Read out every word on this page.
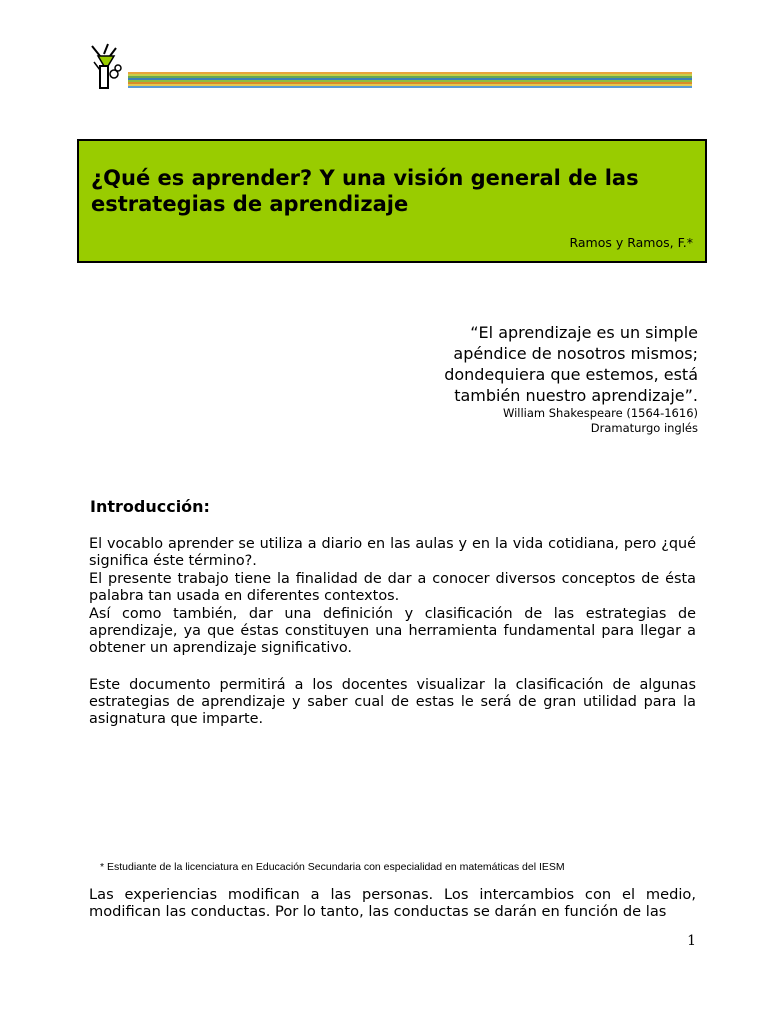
¿Qué es aprender? Y una visión general de las estrategias de aprendizaje
Ramos y Ramos, F.*

“El aprendizaje es un simple

apéndice de nosotros mismos;

dondequiera que estemos, está

también nuestro aprendizaje”.

William Shakespeare (1564-1616)

Dramaturgo inglés

Introducción:

El vocablo aprender se utiliza a diario en las aulas y en la vida cotidiana, pero ¿qué significa éste término?.

El presente trabajo tiene la finalidad de dar a conocer diversos conceptos de ésta palabra tan usada en diferentes contextos.

Así como también, dar una definición y clasificación de las estrategias de aprendizaje, ya que éstas constituyen una herramienta fundamental para llegar a obtener un aprendizaje significativo.

Este documento permitirá a los docentes visualizar la clasificación de algunas estrategias de aprendizaje y saber cual de estas le será de gran utilidad para la asignatura que imparte.

* Estudiante de la licenciatura en Educación Secundaria con especialidad en matemáticas del IESM

Las experiencias modifican a las personas. Los intercambios con el medio, modifican las conductas. Por lo tanto, las conductas se darán en función de las

1
